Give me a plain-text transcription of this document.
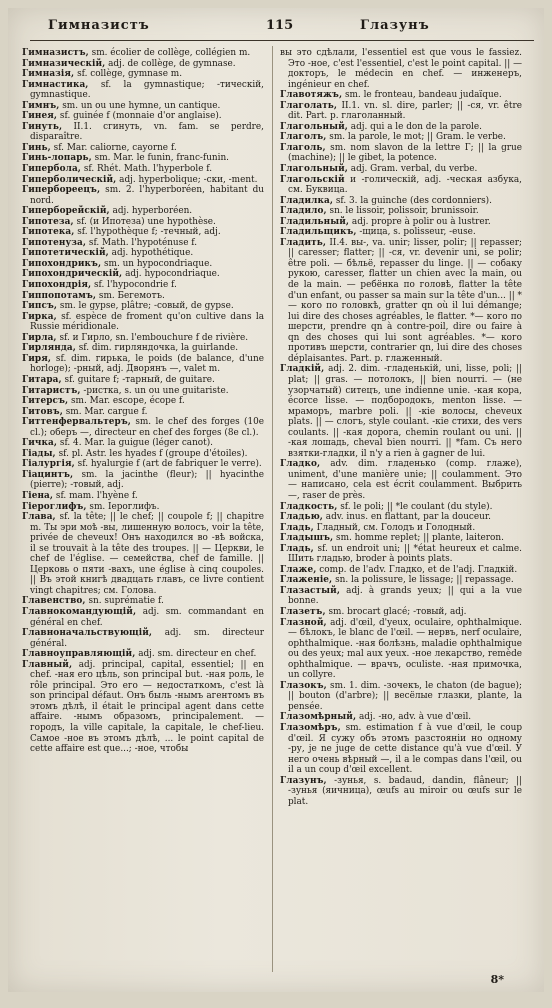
Гимназистъ	115	Глазунъ

Гимназистъ, sm. écolier de collège, collégien m.

Гимназическій, adj. de collège, de gymnase.

Гимназія, sf. collège, gymnase m.

Гимнастика, sf. la gymnastique; -тическій, gymnastique.

Гимнъ, sm. un ou une hymne, un cantique.

Гинея, sf. guinée f (monnaie d'or anglaise).

Гинуть, II.1. сгинуть, vn. fam. se perdre, disparaître.

Гинь, sf. Mar. caliorne, cayorne f.

Гинь-лопарь, sm. Mar. le funin, franc-funin.

Гипербола, sf. Rhét. Math. l'hyperbole f.

Гиперболическій, adj. hyperbolique; -ски, -ment.

Гипербореецъ, sm. 2. l'hyperboréen, habitant du nord.

Гиперборейскій, adj. hyperboréen.

Гипотеза, sf. (и Ипотеза) une hypothèse.

Гипотека, sf. l'hypothèque f; -течный, adj.

Гипотенуза, sf. Math. l'hypoténuse f.

Гипотетическій, adj. hypothétique.

Гипохондрикъ, sm. un hypocondriaque.

Гипохондрическій, adj. hypocondriaque.

Гипохондрія, sf. l'hypocondrie f.

Гиппопотамъ, sm. Бегемотъ.

Гипсъ, sm. le gypse, plâtre; -совый, de gypse.

Гирка, sf. espèce de froment qu'on cultive dans la Russie méridionale.

Гирла, sf. и Гирло, sn. l'embouchure f de rivière.

Гирлянда, sf. dim. гирляндочка, la guirlande.

Гиря, sf. dim. гирька, le poids (de balance, d'une horloge); -рный, adj. Дворянъ —, valet m.

Гитара, sf. guitare f; -тарный, de guitare.

Гитаристъ, -ристка, s. un ou une guitariste.

Гитерсъ, sm. Mar. escope, écope f.

Гитовъ, sm. Mar. cargue f.

Гиттенфервальтеръ, sm. le chef des forges (10e cl.); оберъ —, directeur en chef des forges (8e cl.).

Гичка, sf. 4. Mar. la guigue (léger canot).

Гіады, sf. pl. Astr. les hyades f (groupe d'étoiles).

Гіалургія, sf. hyalurgie f (art de fabriquer le verre).

Гіацинтъ, sm. la jacinthe (fleur); || hyacinthe (pierre); -товый, adj.

Гіена, sf. mam. l'hyène f.

Гіероглифъ, sm. Іероглифъ.

Глава, sf. la tête; || le chef; || coupole f; || chapitre m. Ты эри моѣ -вы, лишенную волосъ, voir la tête, privée de cheveux! Онъ находился во -вѣ войска, il se trouvait à la tête des troupes. || — Церкви, le chef de l'église. — семейства, chef de famille. || Церковь о пяти -вахъ, une église à cinq coupoles. || Въ этой книгѣ двадцать главъ, ce livre contient vingt chapitres; см. Голова.

Главенство, sn. suprématie f.

Главнокомандующій, adj. sm. commandant en général en chef.

Главноначальствующій, adj. sm. directeur général.

Главноуправляющій, adj. sm. directeur en chef.

Главный, adj. principal, capital, essentiel; || en chef. -ная его цѣль, son principal but. -ная роль, le rôle principal. Это его — недостаткомъ, c'est là son principal défaut. Онъ быль -нымъ агентомъ въ этомъ дѣлѣ, il était le principal agent dans cette affaire. -нымъ образомъ, principalement. — городъ, la ville capitale, la capitale, le chef-lieu. Самое -ное въ этомъ дѣлѣ, ... le point capital de cette affaire est que...; -ное, чтобы

вы это сдѣлали, l'essentiel est que vous le fassiez. Это -ное, c'est l'essentiel, c'est le point capital. || — докторъ, le médecin en chef. — инженеръ, ingénieur en chef.

Главотяжъ, sm. le fronteau, bandeau judaïque.

Глаголать, II.1. vn. sl. dire, parler; || -ся, vr. être dit. Part. p. глаголанный.

Глагольный, adj. qui a le don de la parole.

Глаголъ, sm. la parole, le mot; || Gram. le verbe.

Глаголь, sm. nom slavon de la lettre Г; || la grue (machine); || le gibet, la potence.

Глагольный, adj. Gram. verbal, du verbe.

Глагольскій и -голическій, adj. -ческая азбука, см. Буквица.

Гладилка, sf. 3. la guinche (des cordonniers).

Гладило, sn. le lissoir, polissoir, brunissoir.

Гладильный, adj. propre à polir ou à lustrer.

Гладильщикъ, -щица, s. polisseur, -euse.

Гладить, II.4. вы-, va. unir; lisser, polir; || repasser; || caresser; flatter; || -ся, vr. devenir uni, se polir; être poli. — бѣльё, repasser du linge. || — собаку рукою, caresser, flatter un chien avec la main, ou de la main. — ребёнка по головѣ, flatter la tête d'un enfant, ou passer sa main sur la tête d'un... || *— кого по головкѣ, gratter qn où il lui démange; lui dire des choses agréables, le flatter. *— кого по шерсти, prendre qn à contre-poil, dire ou faire à qn des choses qui lui sont agréables. *— кого противъ шерсти, contrarier qn, lui dire des choses déplaisantes. Part. p. глаженный.

Гладкій, adj. 2. dim. -гладенькій, uni, lisse, poli; || plat; || gras. — потолокъ, || bien nourri. — (не узорчатый) ситецъ, une indienne unie. -кая кора, écorce lisse. — подбородокъ, menton lisse. — мраморъ, marbre poli. || -кіе волосы, cheveux plats. || — слогъ, style coulant. -кіе стихи, des vers coulants. || -кая дорога, chemin roulant ou uni. || -кая лошадь, cheval bien nourri. || *fam. Съ него взятки-гладки, il n'y a rien à gagner de lui.

Гладко, adv. dim. гладенько (comp. глаже), uniment, d'une manière unie; || coulamment. Это — написано, cela est écrit coulamment. Выбрить —, raser de près.

Гладкость, sf. le poli; || *le coulant (du style).

Гладью, adv. inus. en flattant, par la douceur.

Гладь, Гладный, см. Голодъ и Голодный.

Гладышъ, sm. homme replet; || plante, laiteron.

Гладь, sf. un endroit uni; || *état heureux et calme. Шить гладью, broder à points plats.

Глаже, comp. de l'adv. Гладко, et de l'adj. Гладкій.

Глаженіе, sn. la polissure, le lissage; || repassage.

Глазастый, adj. à grands yeux; || qui a la vue bonne.

Глазетъ, sm. brocart glacé; -товый, adj.

Глазной, adj. d'œil, d'yeux, oculaire, ophthalmique. — бѣлокъ, le blanc de l'œil. — нервъ, nerf oculaire, ophthalmique. -ная болѣзнь, maladie ophthalmique ou des yeux; mal aux yeux. -ное лекарство, remède ophthalmique. — врачъ, oculiste. -ная примочка, un collyre.

Глазокъ, sm. 1. dim. -зочекъ, le chaton (de bague); || bouton (d'arbre); || весёлые глазки, plante, la pensée.

Глазомѣрный, adj. -но, adv. à vue d'œil.

Глазомѣръ, sm. estimation f à vue d'œil, le coup d'œil. Я сужу объ этомъ разстояніи но одному -ру, je ne juge de cette distance qu'à vue d'œil. У него очень вѣрный —, il a le compas dans l'œil, ou il a un coup d'œil excellent.

Глазунъ, -зунья, s. badaud, dandin, flâneur; || -зунья (яичница), œufs au miroir ou œufs sur le plat.

8*
